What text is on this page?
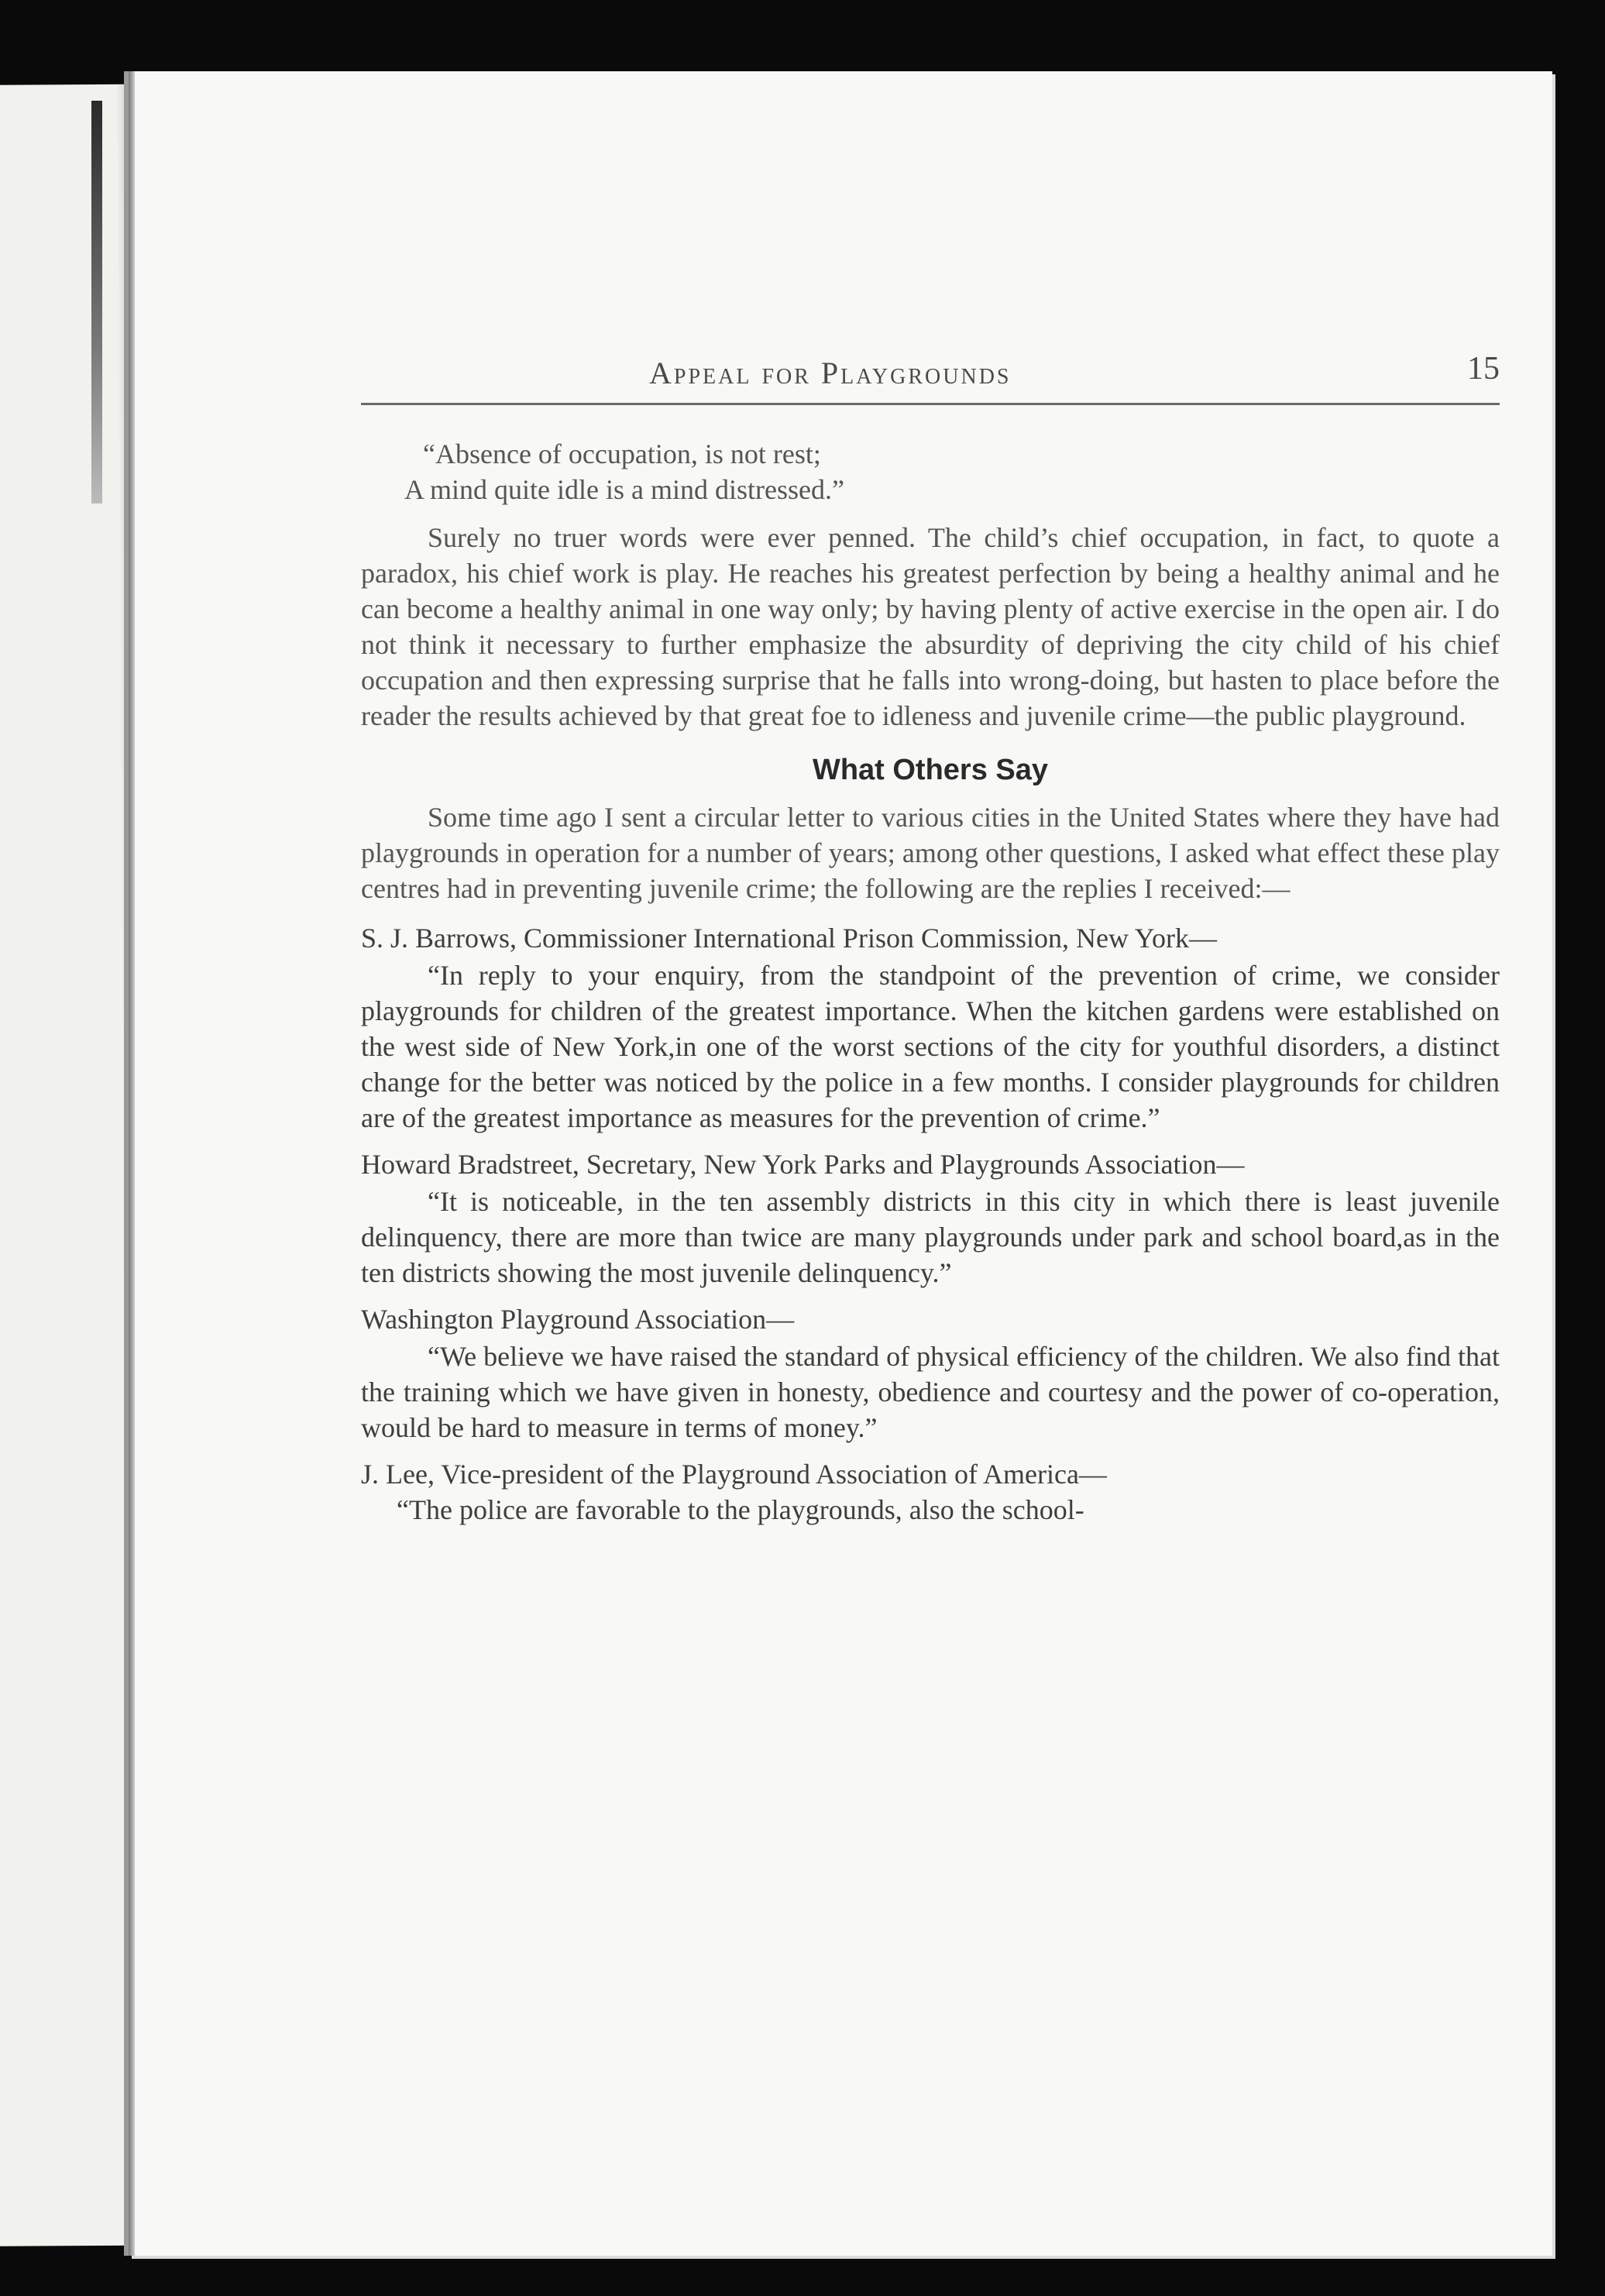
Appeal for Playgrounds	15
“Absence of occupation, is not rest;
A mind quite idle is a mind distressed.”

Surely no truer words were ever penned. The child’s chief occupation, in fact, to quote a paradox, his chief work is play. He reaches his greatest perfection by being a healthy animal and he can become a healthy animal in one way only; by having plenty of active exercise in the open air. I do not think it necessary to further emphasize the absurdity of depriving the city child of his chief occupation and then expressing surprise that he falls into wrong-doing, but hasten to place before the reader the results achieved by that great foe to idleness and juvenile crime—the public playground.

What Others Say

Some time ago I sent a circular letter to various cities in the United States where they have had playgrounds in operation for a number of years; among other questions, I asked what effect these play centres had in preventing juvenile crime; the following are the replies I received:—

S. J. Barrows, Commissioner International Prison Commission, New York—

“In reply to your enquiry, from the standpoint of the prevention of crime, we consider playgrounds for children of the greatest importance. When the kitchen gardens were established on the west side of New York,in one of the worst sections of the city for youthful disorders, a distinct change for the better was noticed by the police in a few months. I consider playgrounds for children are of the greatest importance as measures for the prevention of crime.”

Howard Bradstreet, Secretary, New York Parks and Playgrounds Association—

“It is noticeable, in the ten assembly districts in this city in which there is least juvenile delinquency, there are more than twice are many playgrounds under park and school board,as in the ten districts showing the most juvenile delinquency.”

Washington Playground Association—

“We believe we have raised the standard of physical efficiency of the children. We also find that the training which we have given in honesty, obedience and courtesy and the power of co-operation, would be hard to measure in terms of money.”

J. Lee, Vice-president of the Playground Association of America—

“The police are favorable to the playgrounds, also the school-
